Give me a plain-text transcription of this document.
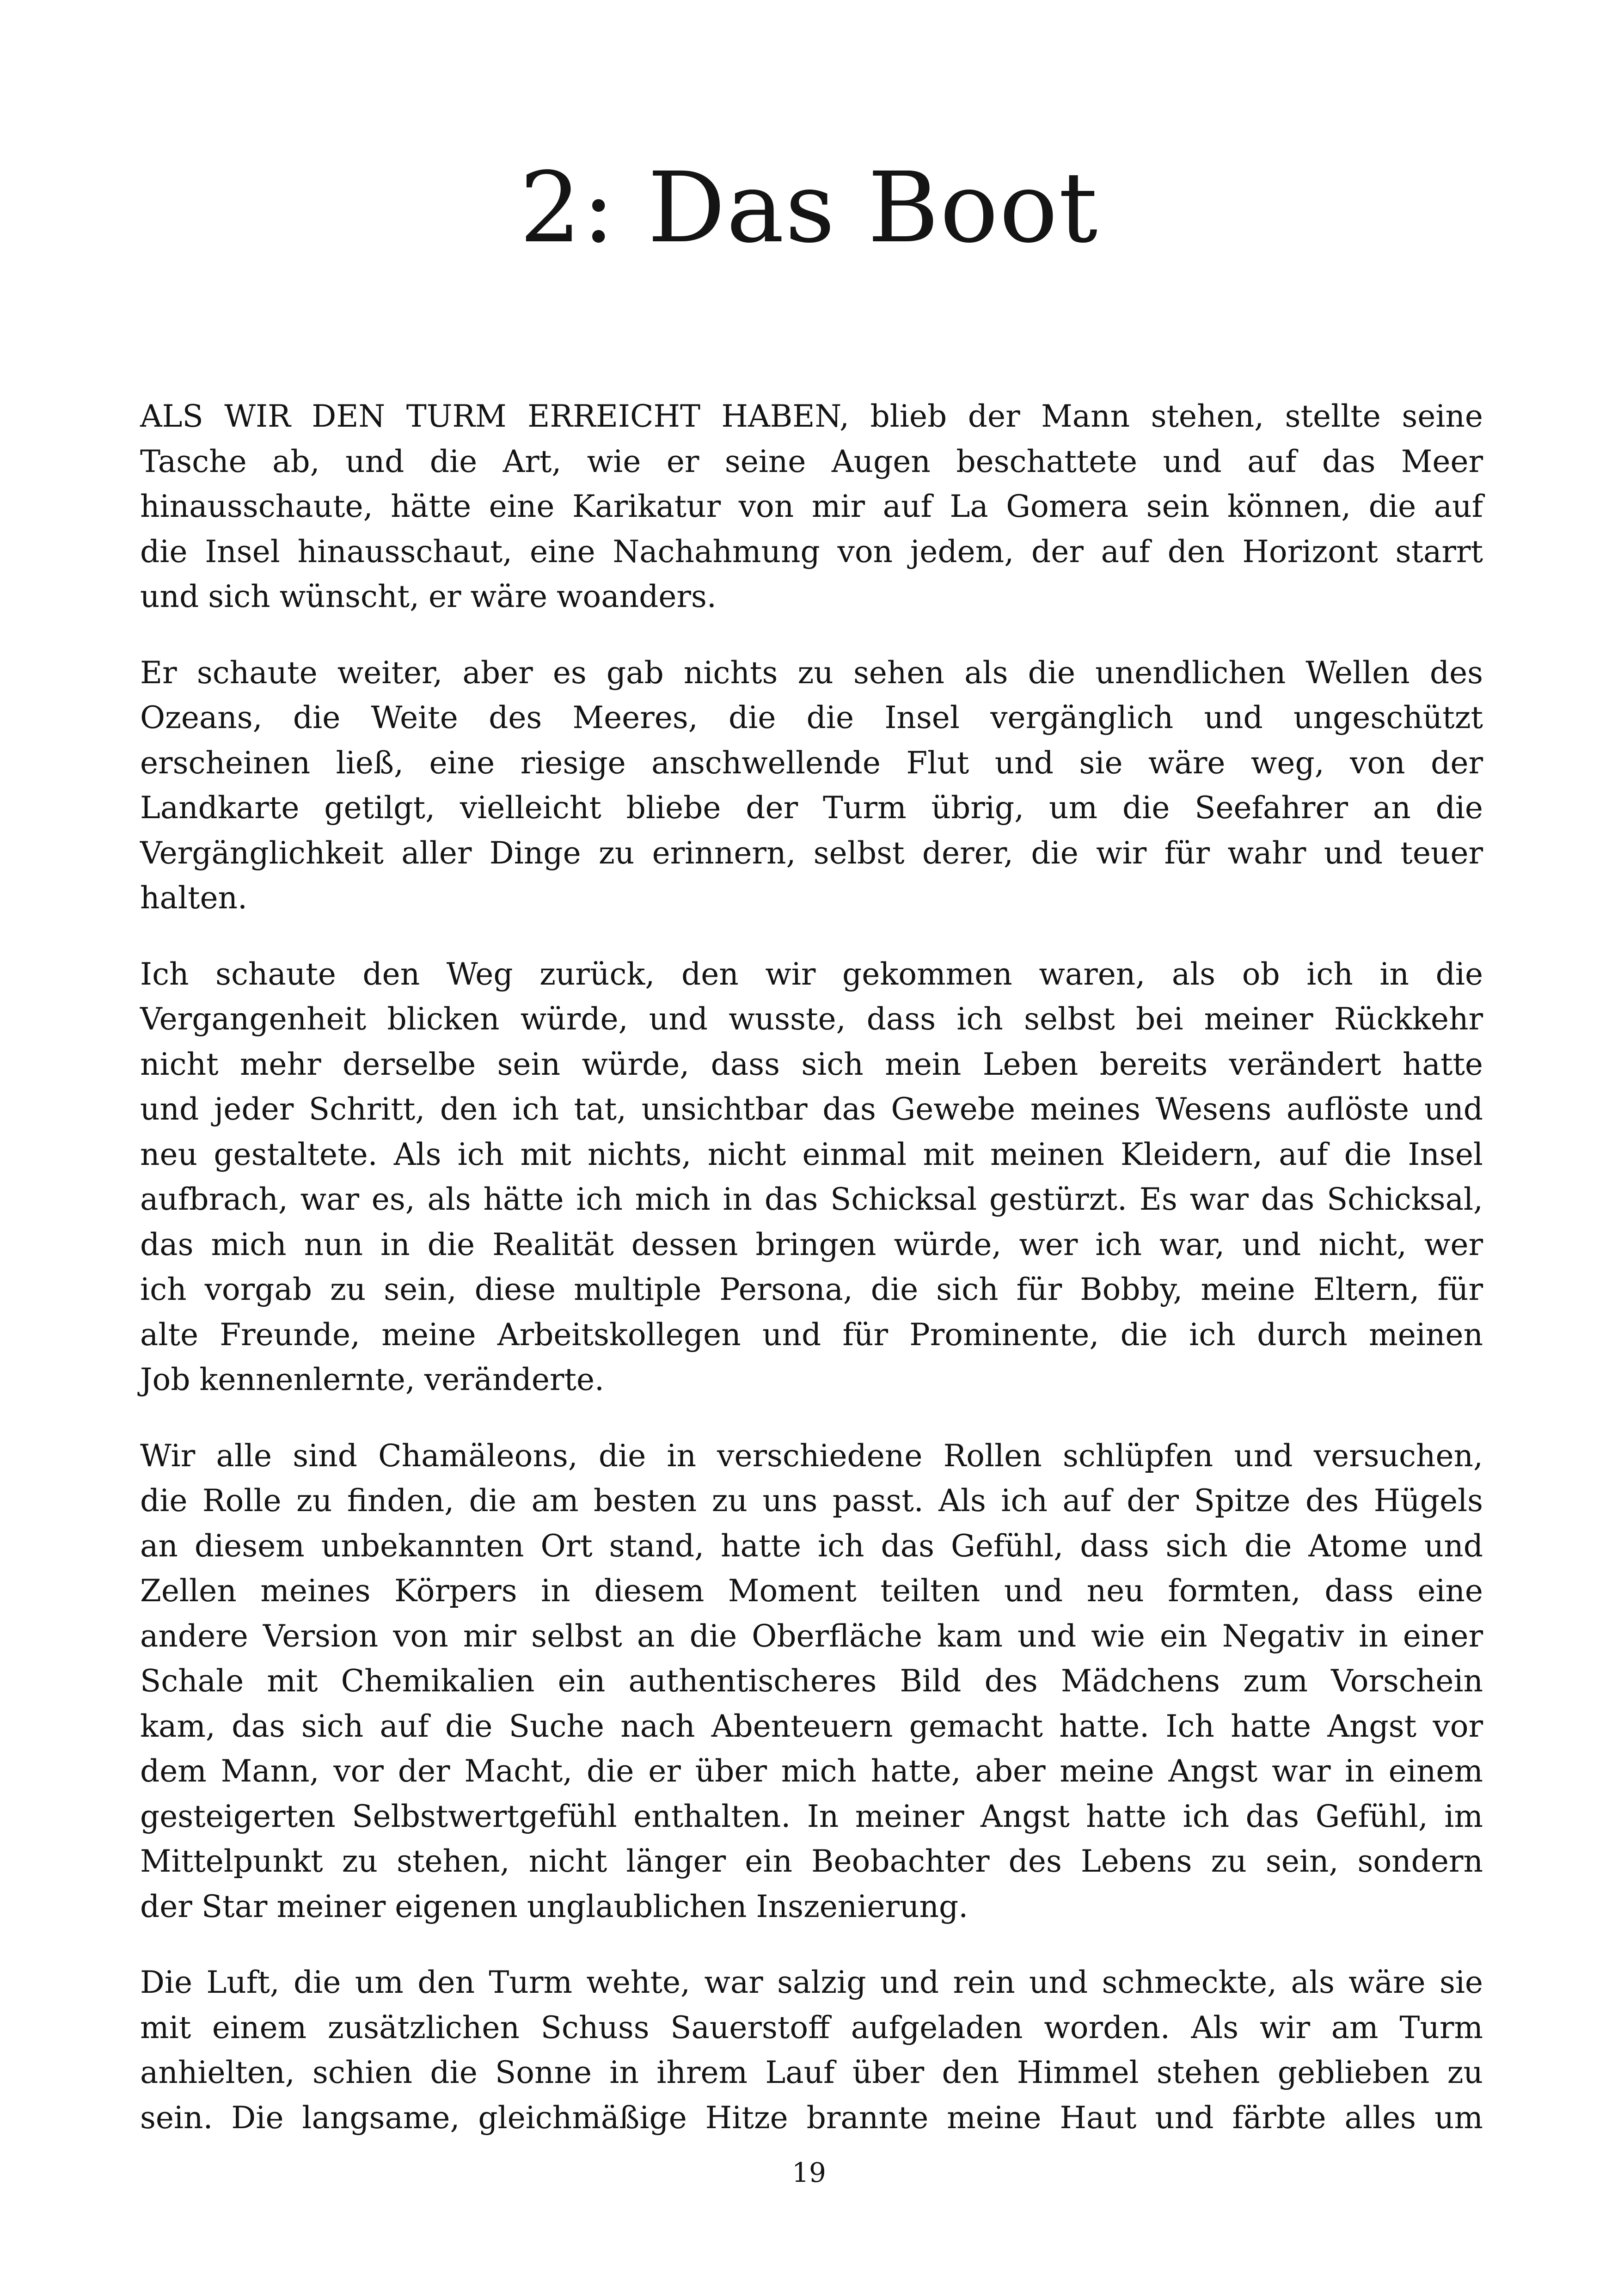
2: Das Boot

ALS WIR DEN TURM ERREICHT HABEN, blieb der Mann stehen, stellte seine
Tasche ab, und die Art, wie er seine Augen beschattete und auf das Meer
hinausschaute, hätte eine Karikatur von mir auf La Gomera sein können, die auf
die Insel hinausschaut, eine Nachahmung von jedem, der auf den Horizont starrt
und sich wünscht, er wäre woanders.

Er schaute weiter, aber es gab nichts zu sehen als die unendlichen Wellen des
Ozeans, die Weite des Meeres, die die Insel vergänglich und ungeschützt
erscheinen ließ, eine riesige anschwellende Flut und sie wäre weg, von der
Landkarte getilgt, vielleicht bliebe der Turm übrig, um die Seefahrer an die
Vergänglichkeit aller Dinge zu erinnern, selbst derer, die wir für wahr und teuer
halten.

Ich schaute den Weg zurück, den wir gekommen waren, als ob ich in die
Vergangenheit blicken würde, und wusste, dass ich selbst bei meiner Rückkehr
nicht mehr derselbe sein würde, dass sich mein Leben bereits verändert hatte
und jeder Schritt, den ich tat, unsichtbar das Gewebe meines Wesens auflöste und
neu gestaltete. Als ich mit nichts, nicht einmal mit meinen Kleidern, auf die Insel
aufbrach, war es, als hätte ich mich in das Schicksal gestürzt. Es war das Schicksal,
das mich nun in die Realität dessen bringen würde, wer ich war, und nicht, wer
ich vorgab zu sein, diese multiple Persona, die sich für Bobby, meine Eltern, für
alte Freunde, meine Arbeitskollegen und für Prominente, die ich durch meinen
Job kennenlernte, veränderte.

Wir alle sind Chamäleons, die in verschiedene Rollen schlüpfen und versuchen,
die Rolle zu finden, die am besten zu uns passt. Als ich auf der Spitze des Hügels
an diesem unbekannten Ort stand, hatte ich das Gefühl, dass sich die Atome und
Zellen meines Körpers in diesem Moment teilten und neu formten, dass eine
andere Version von mir selbst an die Oberfläche kam und wie ein Negativ in einer
Schale mit Chemikalien ein authentischeres Bild des Mädchens zum Vorschein
kam, das sich auf die Suche nach Abenteuern gemacht hatte. Ich hatte Angst vor
dem Mann, vor der Macht, die er über mich hatte, aber meine Angst war in einem
gesteigerten Selbstwertgefühl enthalten. In meiner Angst hatte ich das Gefühl, im
Mittelpunkt zu stehen, nicht länger ein Beobachter des Lebens zu sein, sondern
der Star meiner eigenen unglaublichen Inszenierung.

Die Luft, die um den Turm wehte, war salzig und rein und schmeckte, als wäre sie
mit einem zusätzlichen Schuss Sauerstoff aufgeladen worden. Als wir am Turm
anhielten, schien die Sonne in ihrem Lauf über den Himmel stehen geblieben zu
sein. Die langsame, gleichmäßige Hitze brannte meine Haut und färbte alles um

19
